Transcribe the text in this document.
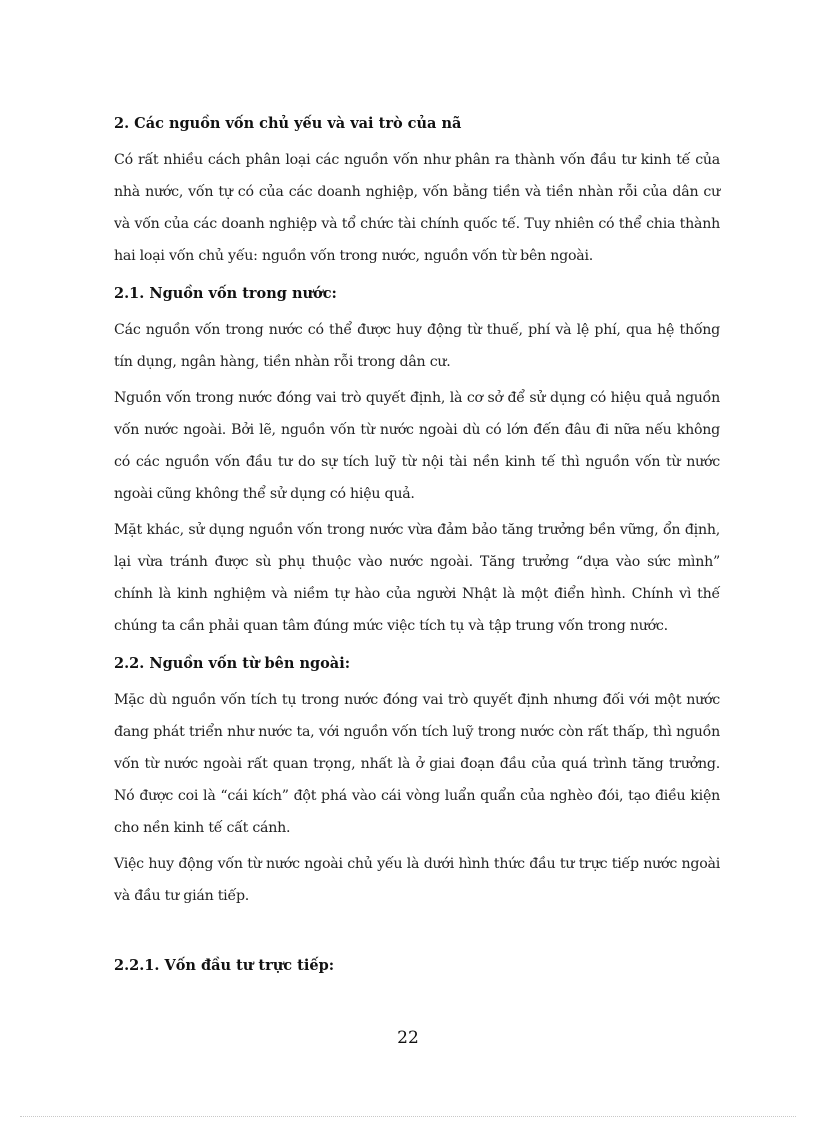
2. Các nguồn vốn chủ yếu và vai trò của nã

Có rất nhiều cách phân loại các nguồn vốn như phân ra thành vốn đầu tư kinh tế của nhà nước, vốn tự có của các doanh nghiệp, vốn bằng tiền và tiền nhàn rỗi của dân cư và vốn của các doanh nghiệp và tổ chức tài chính quốc tế. Tuy nhiên có thể chia thành hai loại vốn chủ yếu: nguồn vốn trong nước, nguồn vốn từ bên ngoài.

2.1. Nguồn vốn trong nước:

Các nguồn vốn trong nước có thể được huy động từ thuế, phí và lệ phí, qua hệ thống tín dụng, ngân hàng, tiền nhàn rỗi trong dân cư.

Nguồn vốn trong nước đóng vai trò quyết định, là cơ sở để sử dụng có hiệu quả nguồn vốn nước ngoài. Bởi lẽ, nguồn vốn từ nước ngoài dù có lớn đến đâu đi nữa nếu không có các nguồn vốn đầu tư do sự tích luỹ từ nội tài nền kinh tế thì nguồn vốn từ nước ngoài cũng không thể sử dụng có hiệu quả.

Mặt khác, sử dụng nguồn vốn trong nước vừa đảm bảo tăng trưởng bền vững, ổn định, lại vừa tránh được sù phụ thuộc vào nước ngoài. Tăng trưởng “dựa vào sức mình” chính là kinh nghiệm và niềm tự hào của người Nhật là một điển hình. Chính vì thế chúng ta cần phải quan tâm đúng mức việc tích tụ và tập trung vốn trong nước.

2.2. Nguồn vốn từ bên ngoài:

Mặc dù nguồn vốn tích tụ trong nước đóng vai trò quyết định nhưng đối với một nước đang phát triển như nước ta, với nguồn vốn tích luỹ trong nước còn rất thấp, thì nguồn vốn từ nước ngoài rất quan trọng, nhất là ở giai đoạn đầu của quá trình tăng trưởng. Nó được coi là “cái kích” đột phá vào cái vòng luẩn quẩn của nghèo đói, tạo điều kiện cho nền kinh tế cất cánh.

Việc huy động vốn từ nước ngoài chủ yếu là dưới hình thức đầu tư trực tiếp nước ngoài và đầu tư gián tiếp.

2.2.1. Vốn đầu tư trực tiếp:
22
